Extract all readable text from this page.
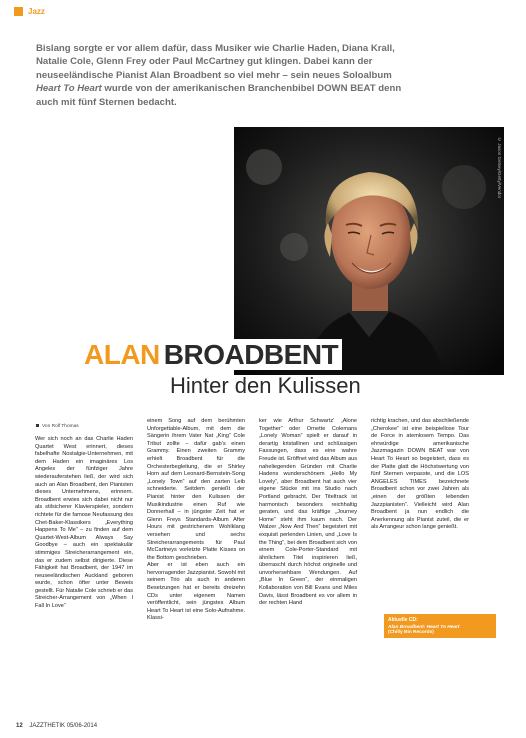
Jazz
Bislang sorgte er vor allem dafür, dass Musiker wie Charlie Haden, Diana Krall, Natalie Cole, Glenn Frey oder Paul McCartney gut klingen. Dabei kann der neuseeländische Pianist Alan Broadbent so viel mehr – sein neues Soloalbum Heart To Heart wurde von der amerikanischen Branchenbibel DOWN BEAT denn auch mit fünf Sternen bedacht.
© Jason Getsey/Getty/Vendor
ALAN BROADBENT
Hinter den Kulissen
Von Rolf Thomas
Wer sich noch an das Charlie Haden Quartet West erinnert, dieses fabelhafte Nostalgie-Unternehmen, mit dem Haden ein imaginäres Los Angeles der fünfziger Jahre wiederauferstehen ließ, der wird sich auch an Alan Broadbent, den Pianisten dieses Unternehmens, erinnern. Broadbent erwies sich dabei nicht nur als stilsicherer Klavierspieler, sondern richtete für die famose Neufassung des Chet-Baker-Klassikers „Everything Happens To Me“ – zu finden auf dem Quartet-West-Album Always Say Goodbye – auch ein spektakulär stimmiges Streicherarrangement ein, das er zudem selbst dirigierte. Diese Fähigkeit hat Broadbent, der 1947 im neuseeländischen Auckland geboren wurde, schon öfter unter Beweis gestellt. Für Natalie Cole schrieb er das Streicher-Arrangement von „When I Fall In Love“
einem Song auf dem berühmten Unforgettable-Album, mit dem die Sängerin ihrem Vater Nat „King“ Cole Tribut zollte – dafür gab’s einen Grammy. Einen zweiten Grammy erhielt Broadbent für die Orchesterbegleitung, die er Shirley Horn auf dem Leonard-Bernstein-Song „Lonely Town“ auf den zarten Leib schneiderte. Seitdem genießt der Pianist hinter den Kulissen der Musikindustrie einen Ruf wie Donnerhall – in jüngster Zeit hat er Glenn Freys Standards-Album After Hours mit gestrichenem Wohlklang versehen und sechs Streicherarrangements für Paul McCartneys vorletzte Platte Kisses on the Bottom geschrieben.
Aber er ist eben auch ein hervorragender Jazzpianist. Sowohl mit seinem Trio als auch in anderen Besetzungen hat er bereits dreizehn CDs unter eigenem Namen veröffentlicht, sein jüngstes Album Heart To Heart ist eine Solo-Aufnahme. Klassi-
ker wie Arthur Schwartz’ „Alone Together“ oder Ornette Colemans „Lonely Woman“ spielt er darauf in derartig kristallinen und schlüssigen Fassungen, dass es eine wahre Freude ist. Eröffnet wird das Album aus naheliegenden Gründen mit Charlie Hadens wunderschönem „Hello My Lovely“, aber Broadbent hat auch vier eigene Stücke mit ins Studio nach Portland gebracht. Der Titeltrack ist harmonisch besonders reichhaltig geraten, und das kräftige „Journey Home“ steht ihm kaum nach. Der Walzer „Now And Then“ begeistert mit exquisit perlenden Linien, und „Love Is the Thing“, bei dem Broadbent sich von einem Cole-Porter-Standard mit ähnlichem Titel inspirieren ließ, überrascht durch höchst originelle und unvorhersehbare Wendungen. Auf „Blue In Green“, der einmaligen Kollaboration von Bill Evans und Miles Davis, lässt Broadbent es vor allem in der rechten Hand
richtig krachen, und das abschließende „Cherokee“ ist eine beispiellose Tour de Force in atemlosem Tempo. Das ehrwürdige amerikanische Jazzmagazin DOWN BEAT war von Heart To Heart so begeistert, dass es der Platte glatt die Höchstwertung von fünf Sternen verpasste, und die LOS ANGELES TIMES bezeichnete Broadbent schon vor zwei Jahren als „einen der größten lebenden Jazzpianisten“. Vielleicht wird Alan Broadbent ja nun endlich die Anerkennung als Pianist zuteil, die er als Arrangeur schon lange genießt.
Aktuelle CD:
Alan Broadbent: Heart To Heart
(Chilly Bin Records)
12 JAZZTHETIK 05/06-2014
